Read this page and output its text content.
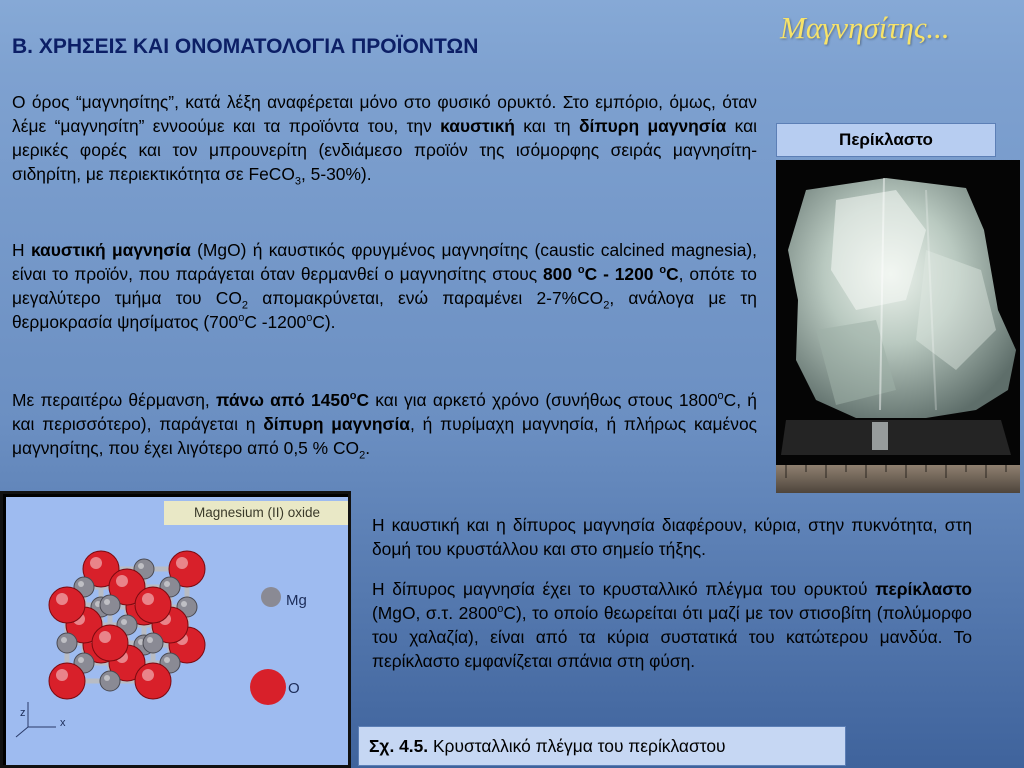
Μαγνησίτης...
Β. ΧΡΗΣΕΙΣ ΚΑΙ ΟΝΟΜΑΤΟΛΟΓΙΑ ΠΡΟΪΟΝΤΩΝ

Ο όρος “μαγνησίτης”, κατά λέξη αναφέρεται μόνο στο φυσικό ορυκτό. Στο εμπόριο, όμως, όταν λέμε “μαγνησίτη” εννοούμε και τα προϊόντα του, την καυστική και τη δίπυρη μαγνησία και μερικές φορές και τον μπρουνερίτη (ενδιάμεσο προϊόν της ισόμορφης σειράς μαγνησίτη-σιδηρίτη, με περιεκτικότητα σε FeCO$_3$, 5-30%).

Η καυστική μαγνησία (MgO) ή καυστικός φρυγμένος μαγνησίτης (caustic calcined magnesia), είναι το προϊόν, που παράγεται όταν θερμανθεί ο μαγνησίτης στους 800 $^o$C - 1200 $^o$C, οπότε το μεγαλύτερο τμήμα του $CO_2$ απομακρύνεται, ενώ παραμένει $2-7\%CO_2$, ανάλογα με τη θερμοκρασία ψησίματος ($700^oC$ $-1200^oC$).

Με περαιτέρω θέρμανση, πάνω από $1450^oC$ και για αρκετό χρόνο (συνήθως στους $1800^oC$, ή και περισσότερο), παράγεται η δίπυρη μαγνησία, ή πυρίμαχη μαγνησία, ή πλήρως καμένος μαγνησίτης, που έχει λιγότερο από 0,5 % $CO_2$.

Περίκλαστο
Magnesium (II) oxide
Mg
O
z
x
Σχ. 4.5. Κρυσταλλικό πλέγμα του περίκλαστου

Η καυστική και η δίπυρος μαγνησία διαφέρουν, κύρια, στην πυκνότητα, στη δομή του κρυστάλλου και στο σημείο τήξης.

Η δίπυρος μαγνησία έχει το κρυσταλλικό πλέγμα του ορυκτού περίκλαστο (MgO, σ.τ. $2800^oC$), το οποίο θεωρείται ότι μαζί με τον στισοβίτη (πολύμορφο του χαλαζία), είναι από τα κύρια συστατικά του κατώτερου μανδύα. Το περίκλαστο εμφανίζεται σπάνια στη φύση.
